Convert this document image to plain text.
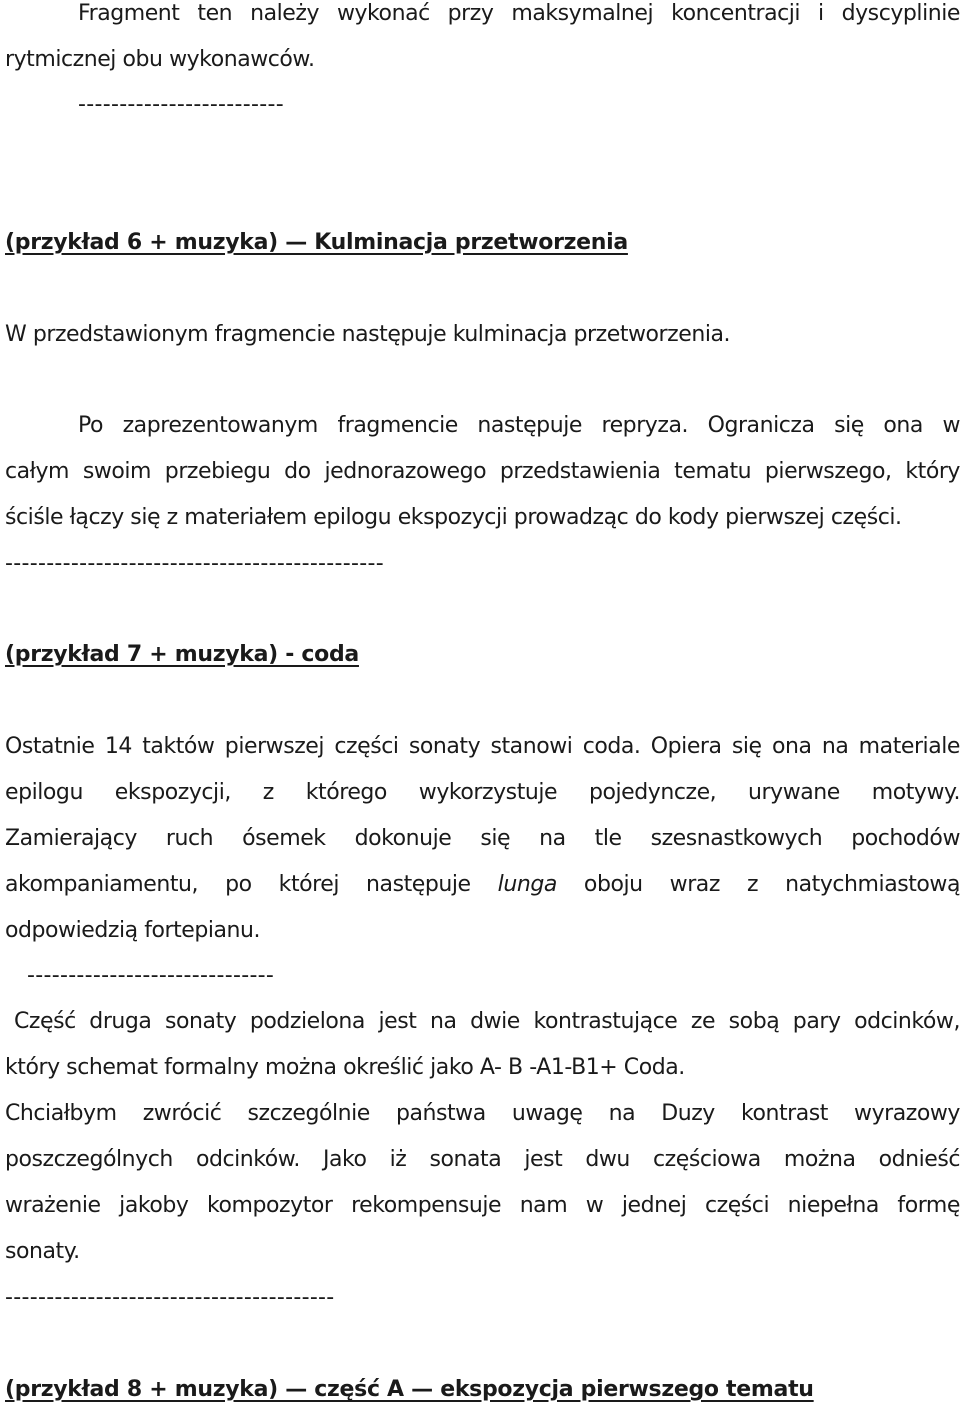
Fragment ten należy wykonać przy maksymalnej koncentracji i dyscyplinie
rytmicznej obu wykonawców.
-------------------------
(przykład 6 + muzyka) — Kulminacja przetworzenia
W przedstawionym fragmencie następuje kulminacja przetworzenia.
Po zaprezentowanym fragmencie następuje repryza. Ogranicza się ona w
całym swoim przebiegu do jednorazowego przedstawienia tematu pierwszego, który
ściśle łączy się z materiałem epilogu ekspozycji prowadząc do kody pierwszej części.
----------------------------------------------
(przykład 7 + muzyka) - coda
Ostatnie 14 taktów pierwszej części sonaty stanowi coda. Opiera się ona na materiale
epilogu ekspozycji, z którego wykorzystuje pojedyncze, urywane motywy.
Zamierający ruch ósemek dokonuje się na tle szesnastkowych pochodów
akompaniamentu, po której następuje lunga oboju wraz z natychmiastową
odpowiedzią fortepianu.
------------------------------
Część druga sonaty podzielona jest na dwie kontrastujące ze sobą pary odcinków,
który schemat formalny można określić jako A- B -A1-B1+ Coda.
Chciałbym zwrócić szczególnie państwa uwagę na Duzy kontrast wyrazowy
poszczególnych odcinków. Jako iż sonata jest dwu częściowa można odnieść
wrażenie jakoby kompozytor rekompensuje nam w jednej części niepełna formę
sonaty.
----------------------------------------
(przykład 8 + muzyka) — część A — ekspozycja pierwszego tematu
